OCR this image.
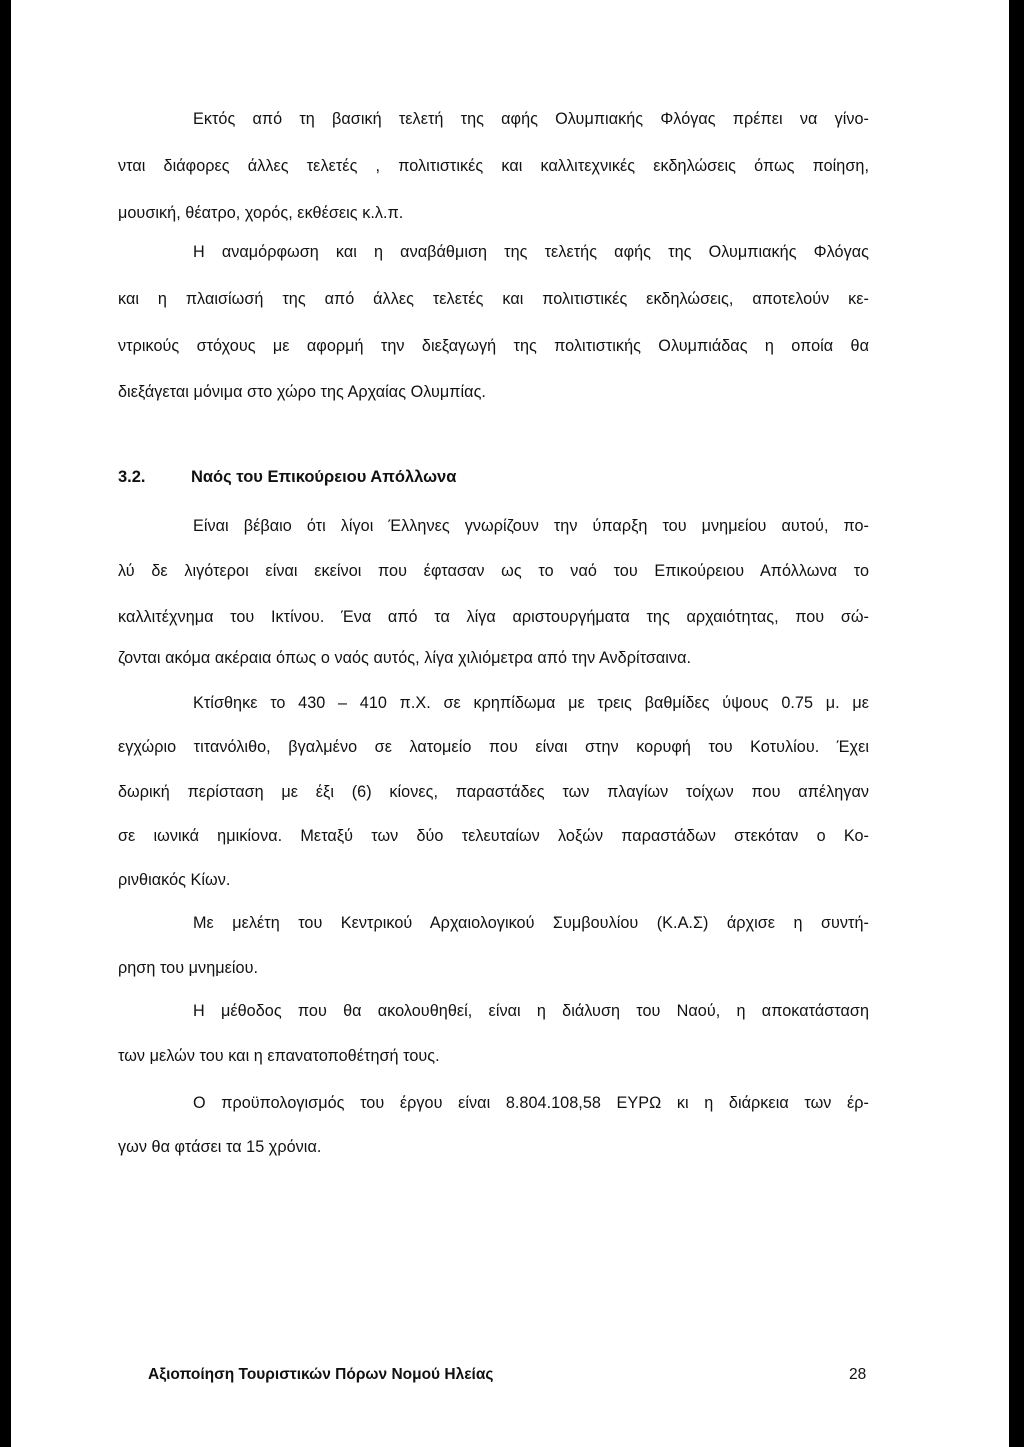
Εκτός από τη βασική τελετή της αφής Ολυμπιακής Φλόγας πρέπει να γίνο-
νται διάφορες άλλες τελετές , πολιτιστικές και καλλιτεχνικές εκδηλώσεις όπως ποίηση,
μουσική, θέατρο, χορός, εκθέσεις κ.λ.π.
Η αναμόρφωση και η αναβάθμιση της τελετής αφής της Ολυμπιακής Φλόγας
και η πλαισίωσή της από άλλες τελετές και πολιτιστικές εκδηλώσεις, αποτελούν κε-
ντρικούς στόχους με αφορμή την διεξαγωγή της πολιτιστικής Ολυμπιάδας η οποία θα
διεξάγεται μόνιμα στο χώρο της Αρχαίας Ολυμπίας.
3.2.	Ναός του Επικούρειου Απόλλωνα
Είναι βέβαιο ότι λίγοι Έλληνες γνωρίζουν την ύπαρξη του μνημείου αυτού, πο-
λύ δε λιγότεροι είναι εκείνοι που έφτασαν ως το ναό του Επικούρειου Απόλλωνα το
καλλιτέχνημα του Ικτίνου. Ένα από τα λίγα αριστουργήματα της αρχαιότητας, που σώ-
ζονται ακόμα ακέραια όπως ο ναός αυτός, λίγα χιλιόμετρα από την Ανδρίτσαινα.
Κτίσθηκε το 430 – 410 π.Χ. σε κρηπίδωμα με τρεις βαθμίδες ύψους 0.75 μ. με
εγχώριο τιτανόλιθο, βγαλμένο σε λατομείο που είναι στην κορυφή του Κοτυλίου. Έχει
δωρική περίσταση με έξι (6) κίονες, παραστάδες των πλαγίων τοίχων που απέληγαν
σε ιωνικά ημικίονα. Μεταξύ των δύο τελευταίων λοξών παραστάδων στεκόταν ο Κο-
ρινθιακός Κίων.
Με μελέτη του Κεντρικού Αρχαιολογικού Συμβουλίου (Κ.Α.Σ) άρχισε η συντή-
ρηση του μνημείου.
Η μέθοδος που θα ακολουθηθεί, είναι η διάλυση του Ναού, η αποκατάσταση
των μελών του και η επανατοποθέτησή τους.
Ο προϋπολογισμός του έργου είναι 8.804.108,58 ΕΥΡΩ κι η διάρκεια των έρ-
γων θα φτάσει τα 15 χρόνια.
Αξιοποίηση Τουριστικών Πόρων Νομού Ηλείας	28
